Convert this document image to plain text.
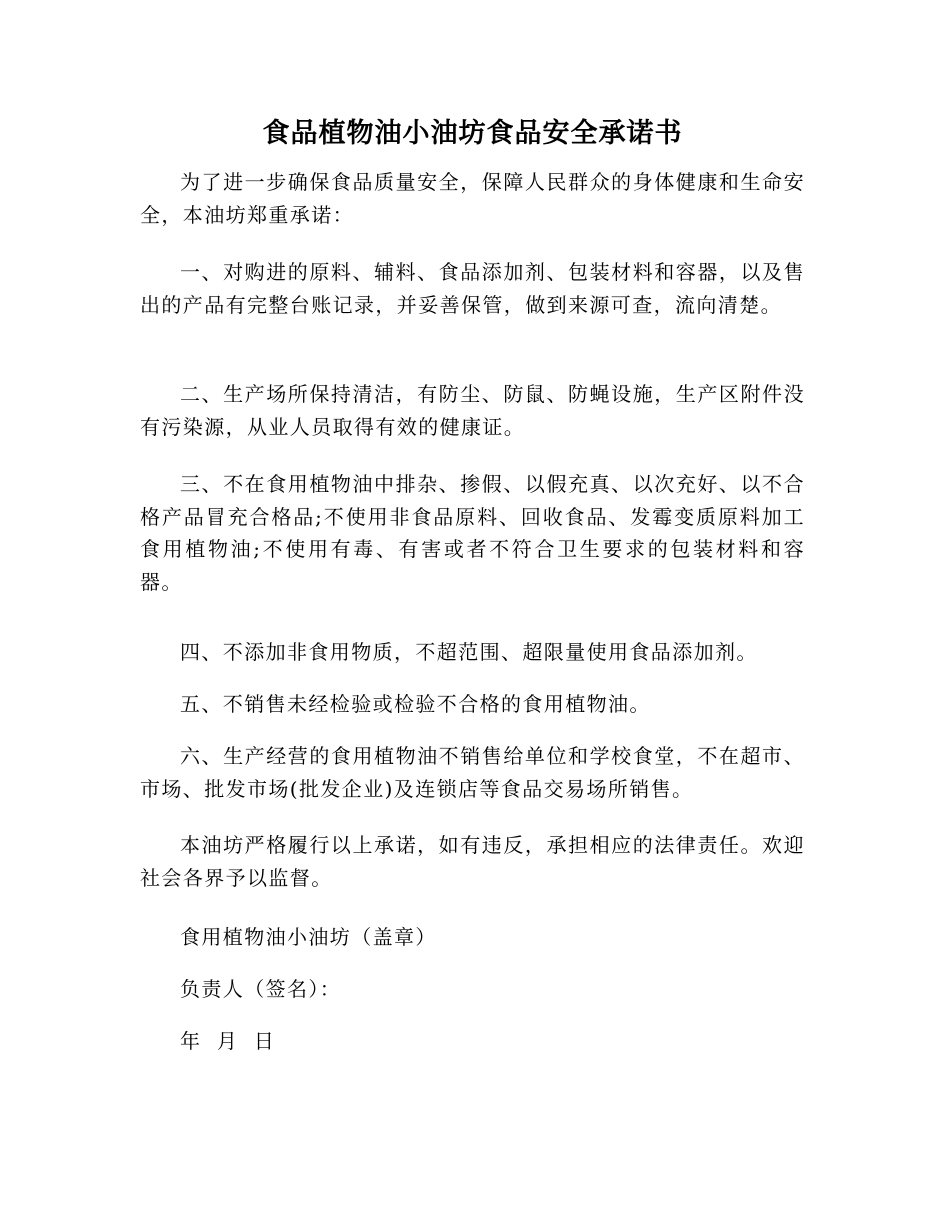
食品植物油小油坊食品安全承诺书

为了进一步确保食品质量安全，保障人民群众的身体健康和生命安全，本油坊郑重承诺：

一、对购进的原料、辅料、食品添加剂、包装材料和容器，以及售出的产品有完整台账记录，并妥善保管，做到来源可查，流向清楚。

二、生产场所保持清洁，有防尘、防鼠、防蝇设施，生产区附件没有污染源，从业人员取得有效的健康证。

三、不在食用植物油中排杂、掺假、以假充真、以次充好、以不合格产品冒充合格品;不使用非食品原料、回收食品、发霉变质原料加工食用植物油;不使用有毒、有害或者不符合卫生要求的包装材料和容器。

四、不添加非食用物质，不超范围、超限量使用食品添加剂。

五、不销售未经检验或检验不合格的食用植物油。

六、生产经营的食用植物油不销售给单位和学校食堂，不在超市、市场、批发市场(批发企业)及连锁店等食品交易场所销售。

本油坊严格履行以上承诺，如有违反，承担相应的法律责任。欢迎社会各界予以监督。

食用植物油小油坊（盖章）

负责人（签名）：

年  月  日
